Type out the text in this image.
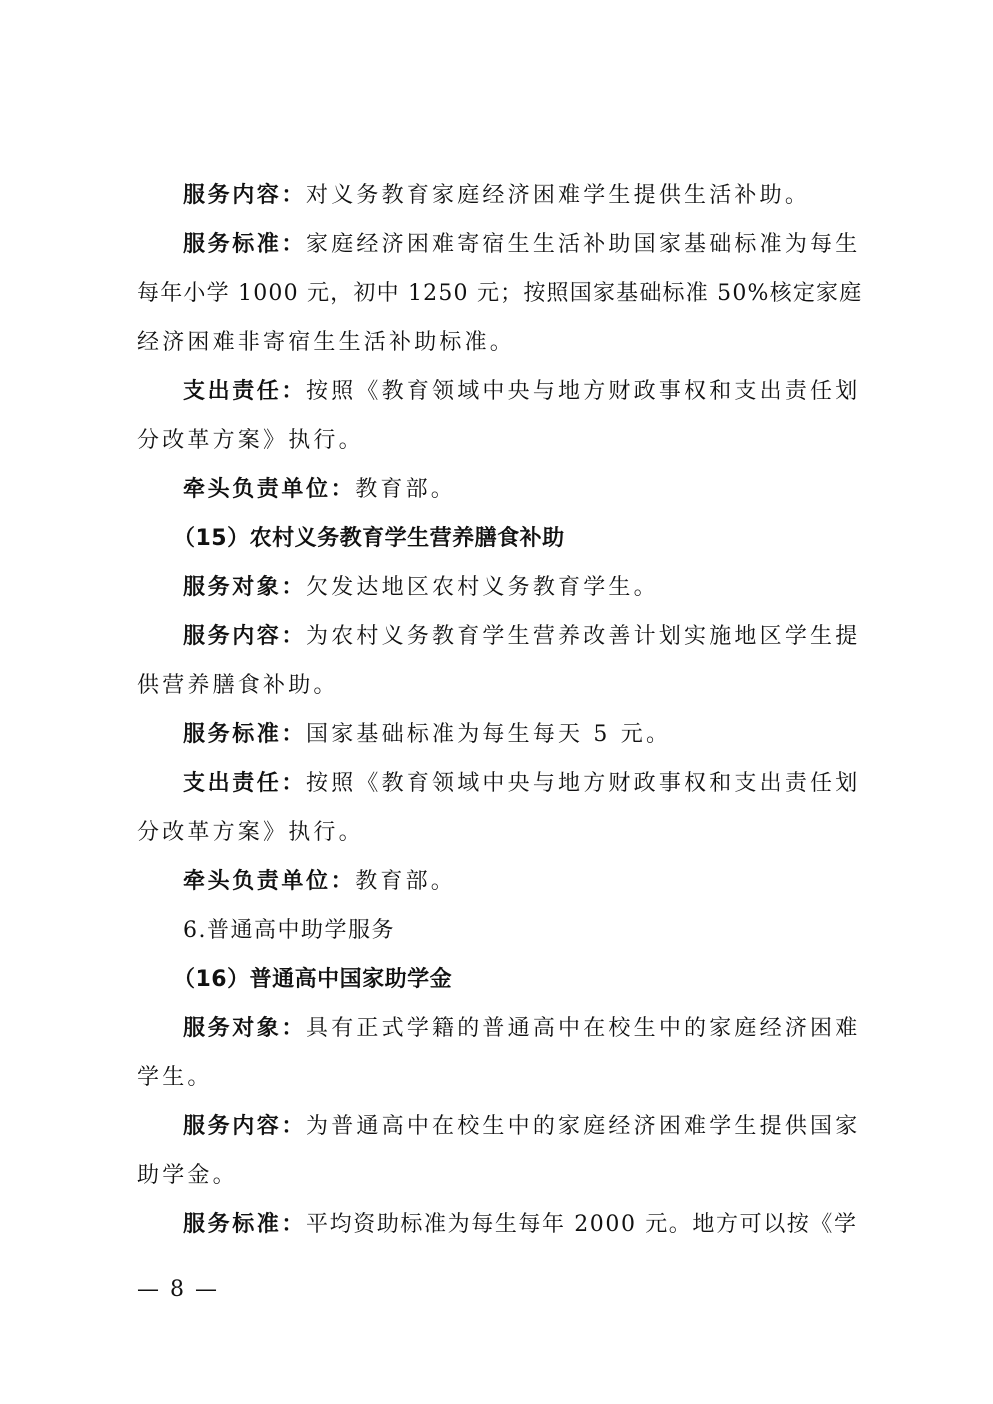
服务内容：对义务教育家庭经济困难学生提供生活补助。
服务标准：家庭经济困难寄宿生生活补助国家基础标准为每生
每年小学 1000 元，初中 1250 元；按照国家基础标准 50%核定家庭
经济困难非寄宿生生活补助标准。
支出责任：按照《教育领域中央与地方财政事权和支出责任划
分改革方案》执行。
牵头负责单位：教育部。
（15）农村义务教育学生营养膳食补助
服务对象：欠发达地区农村义务教育学生。
服务内容：为农村义务教育学生营养改善计划实施地区学生提
供营养膳食补助。
服务标准：国家基础标准为每生每天 5 元。
支出责任：按照《教育领域中央与地方财政事权和支出责任划
分改革方案》执行。
牵头负责单位：教育部。
6.普通高中助学服务
（16）普通高中国家助学金
服务对象：具有正式学籍的普通高中在校生中的家庭经济困难
学生。
服务内容：为普通高中在校生中的家庭经济困难学生提供国家
助学金。
服务标准：平均资助标准为每生每年 2000 元。地方可以按《学
— 8 —
